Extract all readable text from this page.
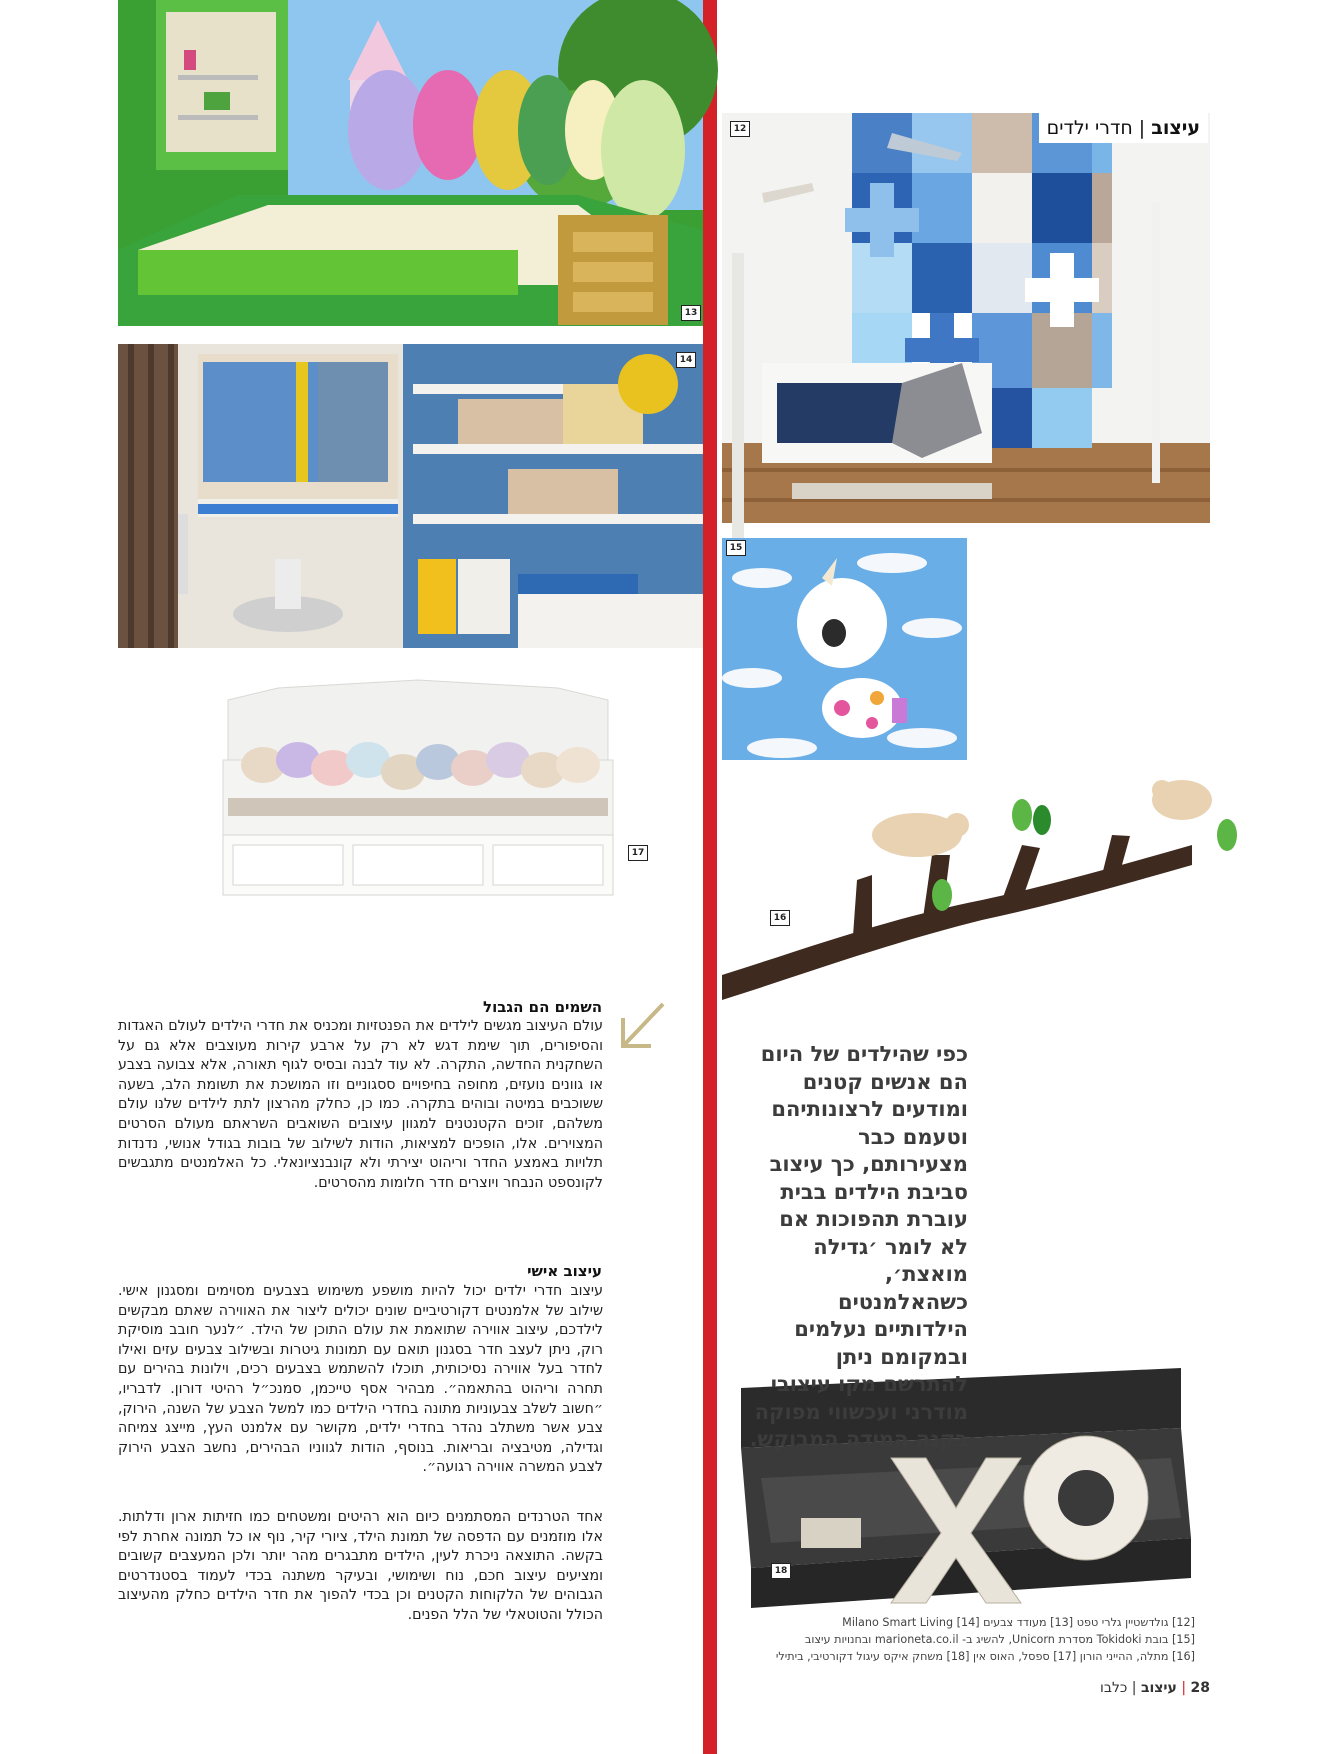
13
14
12	עיצוב | חדרי ילדים
15
17
16
18
השמים הם הגבול
עולם העיצוב מגשים לילדים את הפנטזיות ומכניס את חדרי הילדים לעולם האגדות והסיפורים, תוך שימת דגש לא רק על ארבע קירות מעוצבים אלא גם על השחקנית החדשה, התקרה. לא עוד לבנה ובסיס לגוף תאורה, אלא צבועה בצבע או גוונים נועזים, מחופה בחיפויים ססגוניים וזו המושכת את תשומת הלב, בשעה ששוכבים במיטה ובוהים בתקרה. כמו כן, כחלק מהרצון לתת לילדים שלנו עולם משלהם, זוכים הקטנטנים למגוון עיצובים השואבים השראתם מעולם הסרטים המצוירים. אלו, הופכים למציאות, הודות לשילוב של בובות בגודל אנושי, נדנדות תלויות באמצע החדר וריהוט יצירתי ולא קונבנציונאלי. כל האלמנטים מתגבשים לקונספט הנבחר ויוצרים חדר חלומות מהסרטים.
עיצוב אישי
עיצוב חדרי ילדים יכול להיות מושפע משימוש בצבעים מסוימים ומסגנון אישי. שילוב של אלמנטים דקורטיביים שונים יכולים ליצור את האווירה שאתם מבקשים לילדכם, עיצוב אווירה שתואמת את עולם התוכן של הילד. ״לנער חובב מוסיקת רוק, ניתן לעצב חדר בסגנון תואם עם תמונות גיטרות ובשילוב צבעים עזים ואילו לחדר בעל אווירה נסיכותית, תוכלו להשתמש בצבעים רכים, וילונות בהירים עם תחרה וריהוט בהתאמה״. מבהיר אסף טייכמן, סמנכ״ל רהיטי דורון. לדבריו, ״חשוב לשלב צבעוניות מתונה בחדרי הילדים כמו למשל הצבע של השנה, הירוק, צבע אשר משתלב נהדר בחדרי ילדים, מקושר עם אלמנט העץ, מייצג צמיחה וגדילה, מטיבציה ובריאות. בנוסף, הודות לגווניו הבהירים, נחשב הצבע הירוק לצבע המשרה אווירה רגועה״.
אחד הטרנדים המסתמנים כיום הוא רהיטים ומשטחים כמו חזיתות ארון ודלתות. אלו מוזמנים עם הדפסה של תמונת הילד, ציורי קיר, נוף או כל תמונה אחרת לפי בקשה. התוצאה ניכרת לעין, הילדים מתבגרים מהר יותר ולכן המעצבים קשובים ומציעים עיצוב חכם, נוח ושימושי, ובעיקר משתנה בכדי לעמוד בסטנדרטים הגבוהים של הלקוחות הקטנים וכן בכדי להפוך את חדר הילדים כחלק מהעיצוב הכולל והטוטאלי של הלל הפנים.
כפי שהילדים של היום הם אנשים קטנים ומודעים לרצונותיהם וטעמם כבר מצעירותם, כך עיצוב סביבת הילדים בבית עוברת תהפוכות אם לא לומר ׳גדילה מואצת׳, כשהאלמנטים הילדותיים נעלמים ובמקומם ניתן להתרשם מקו עיצובי מודרני ועכשווי מפוקה בקנה המידה המבוקש.
[12] גולדשטיין גלרי טפט [13] מעודד צבעים [14] Milano Smart Living
[15] בובת Tokidoki מסדרת Unicorn, להשיג ב- marioneta.co.il ובחנויות עיצוב
[16] מתלה, ההייני הורון [17] ספסל, האוס אין [18] משחק איקס עיגול דקורטיבי, ביתילי
28 | עיצוב | כלבו
